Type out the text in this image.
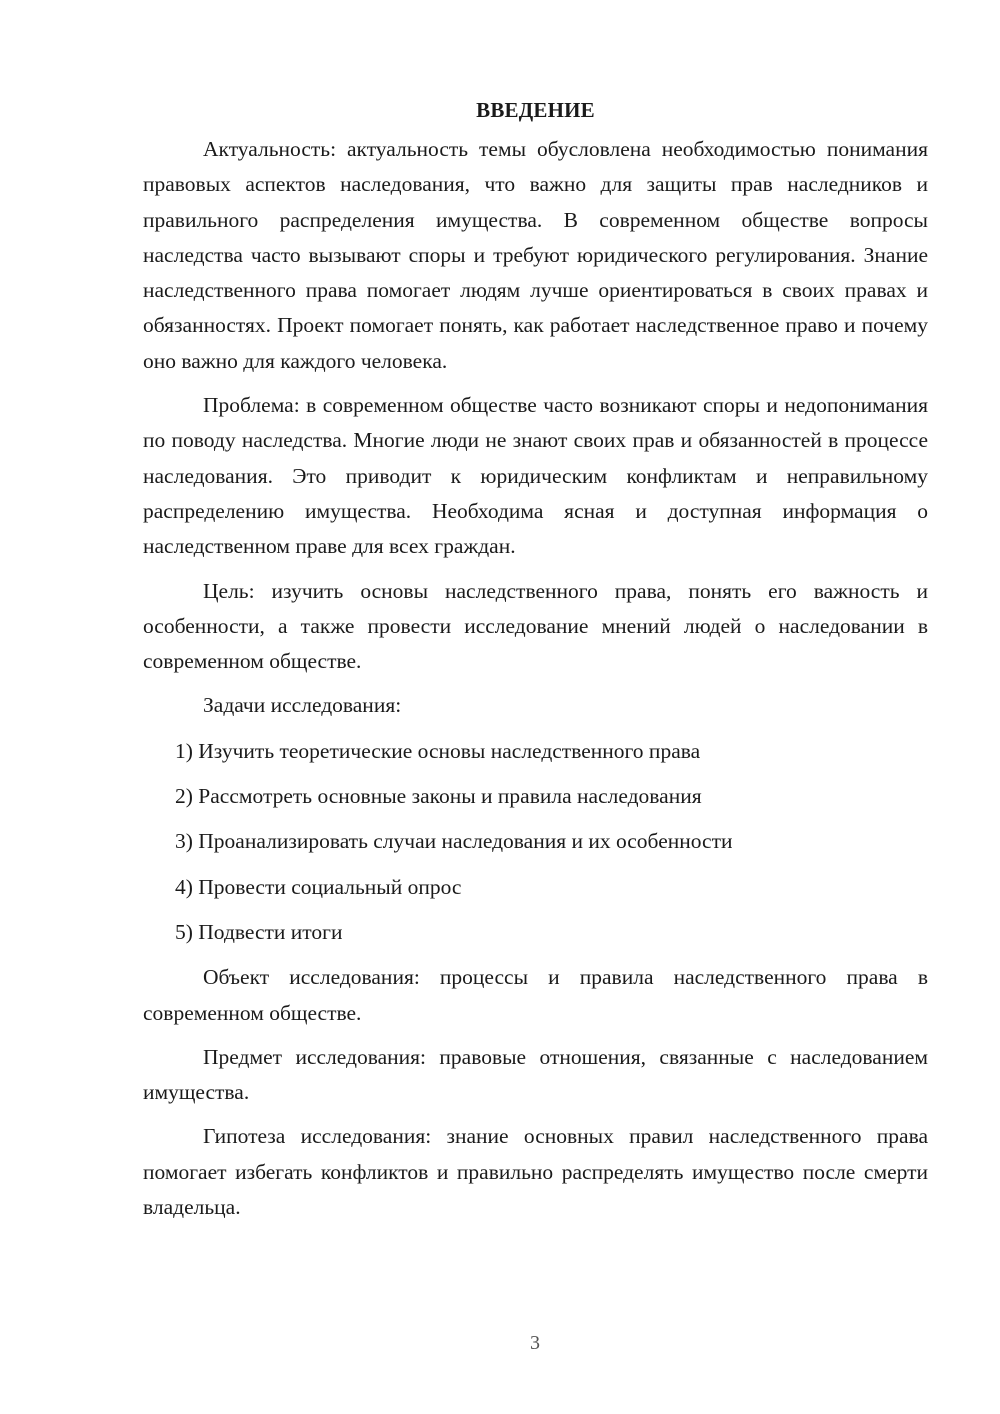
ВВЕДЕНИЕ

Актуальность: актуальность темы обусловлена необходимостью понимания правовых аспектов наследования, что важно для защиты прав наследников и правильного распределения имущества. В современном обществе вопросы наследства часто вызывают споры и требуют юридического регулирования. Знание наследственного права помогает людям лучше ориентироваться в своих правах и обязанностях. Проект помогает понять, как работает наследственное право и почему оно важно для каждого человека.

Проблема: в современном обществе часто возникают споры и недопонимания по поводу наследства. Многие люди не знают своих прав и обязанностей в процессе наследования. Это приводит к юридическим конфликтам и неправильному распределению имущества. Необходима ясная и доступная информация о наследственном праве для всех граждан.

Цель: изучить основы наследственного права, понять его важность и особенности, а также провести исследование мнений людей о наследовании в современном обществе.

Задачи исследования:

1) Изучить теоретические основы наследственного права
2) Рассмотреть основные законы и правила наследования
3) Проанализировать случаи наследования и их особенности
4) Провести социальный опрос
5) Подвести итоги

Объект исследования: процессы и правила наследственного права в современном обществе.

Предмет исследования: правовые отношения, связанные с наследованием имущества.

Гипотеза исследования: знание основных правил наследственного права помогает избегать конфликтов и правильно распределять имущество после смерти владельца.

3
